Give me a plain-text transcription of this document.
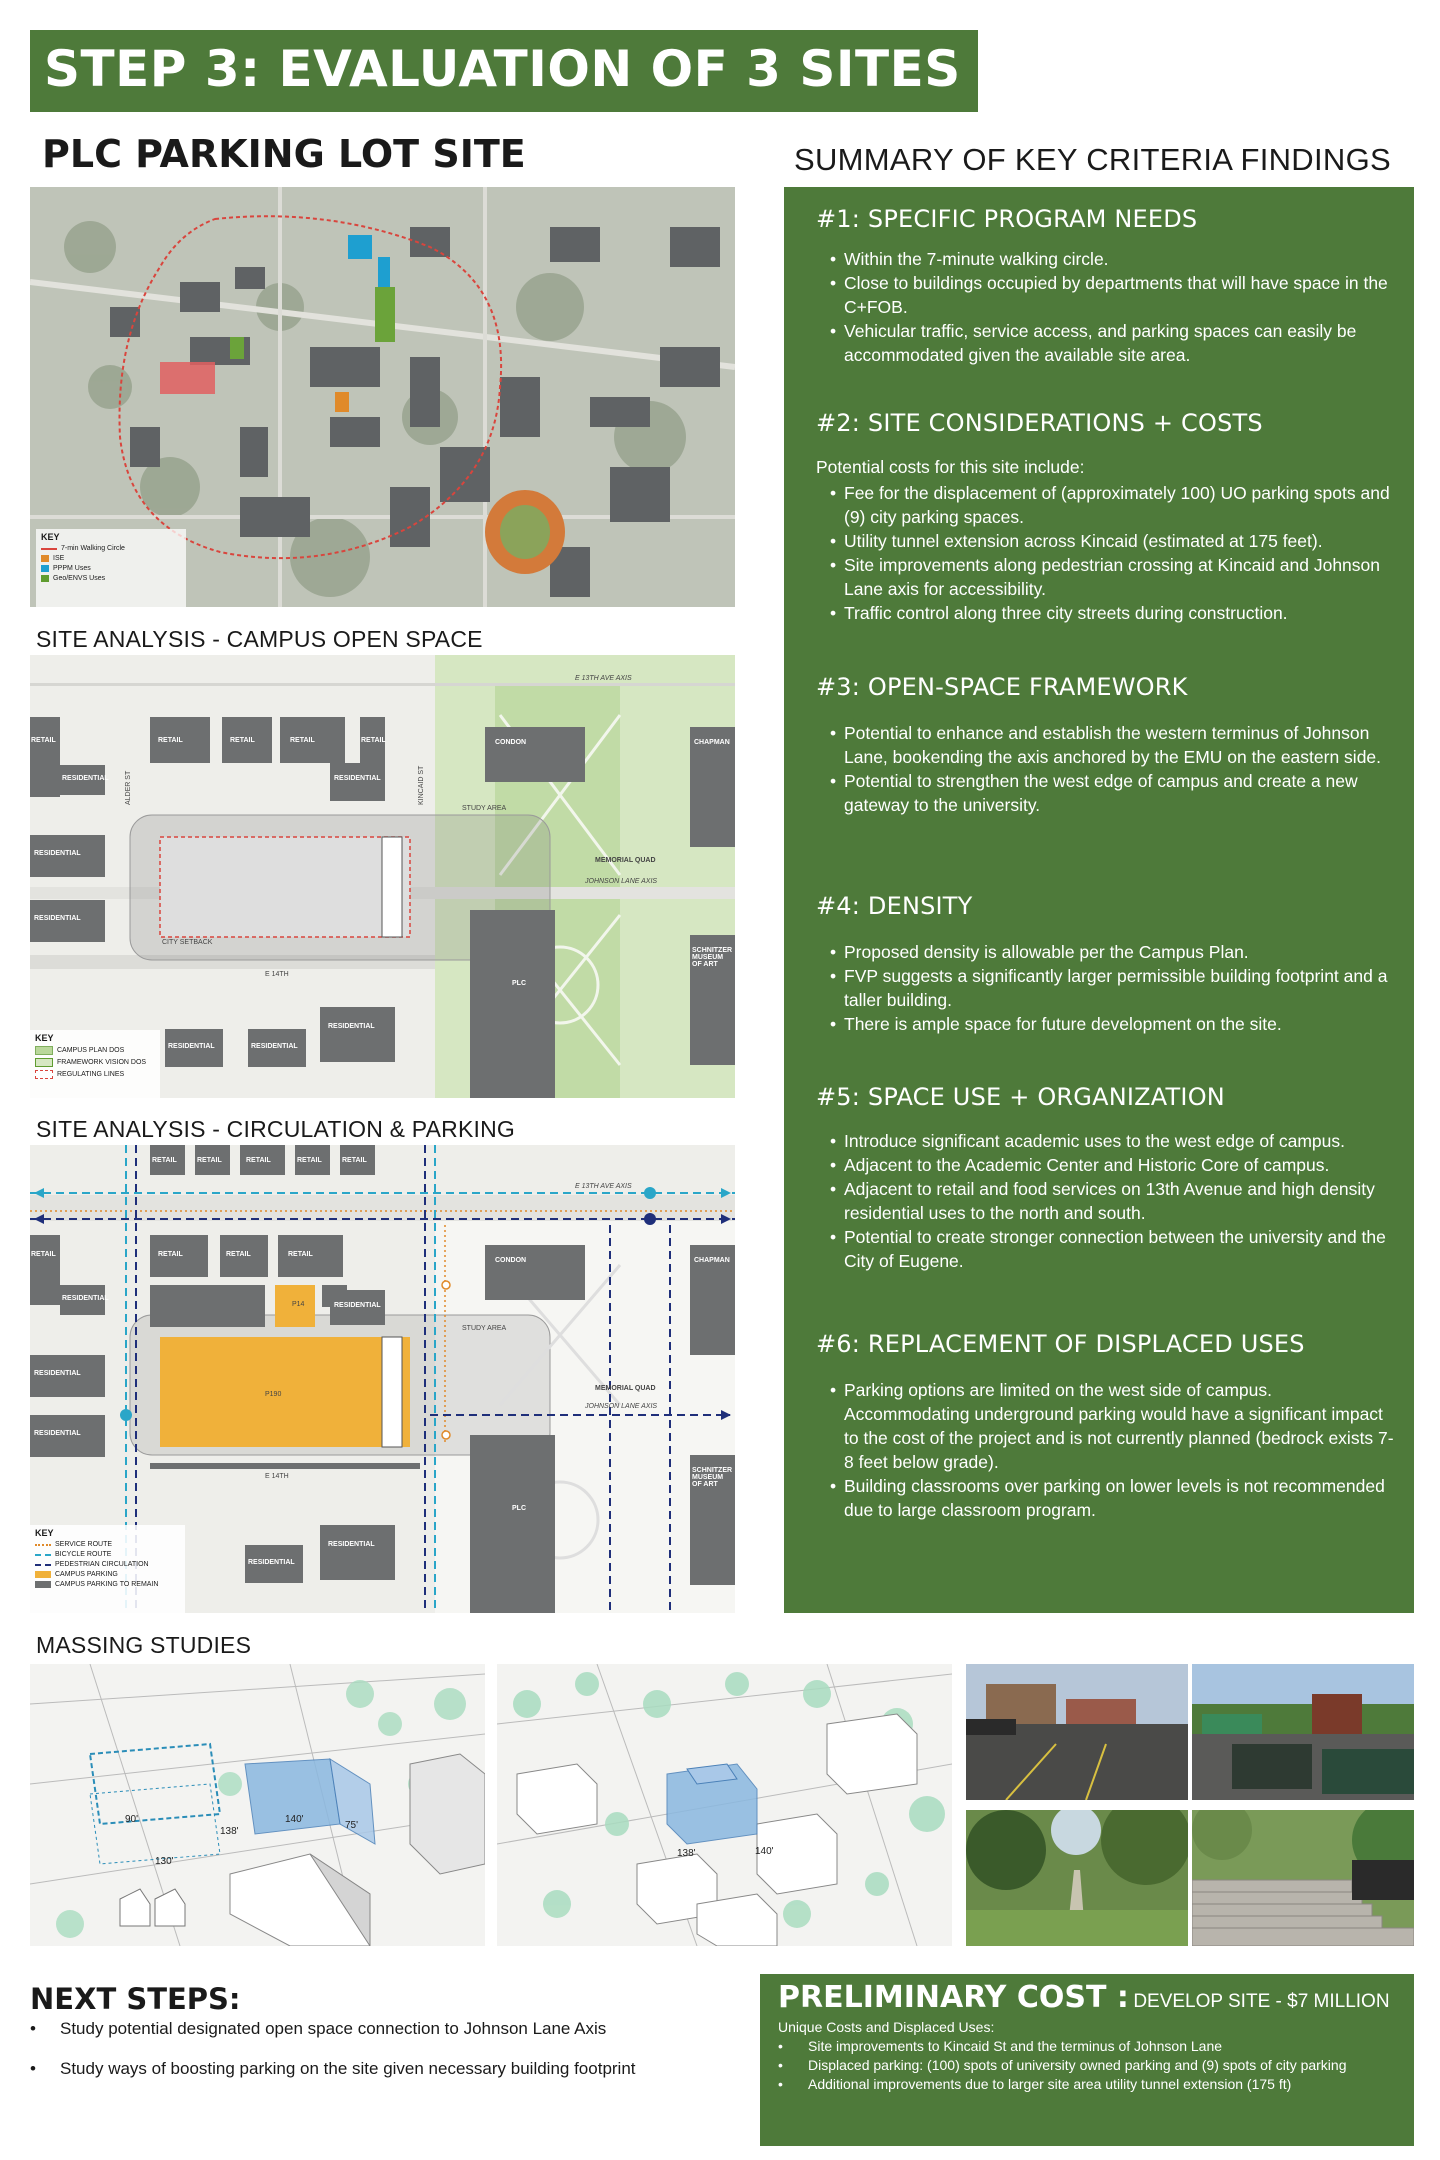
STEP 3: EVALUATION OF 3 SITES
PLC PARKING LOT SITE	SUMMARY OF KEY CRITERIA FINDINGS
KEY
7-min Walking Circle
ISE
PPPM Uses
Geo/ENVS Uses
SITE ANALYSIS - CAMPUS OPEN SPACE
RETAIL	RETAIL	RETAIL	RETAIL
RETAIL
RESIDENTIAL	RESIDENTIAL
RESIDENTIAL
RESIDENTIAL
RESIDENTIAL	RESIDENTIAL
RESIDENTIAL
CONDON	CHAPMAN
PLC
SCHNITZER MUSEUM OF ART
E 13TH AVE AXIS
E 14TH
STUDY AREA
MEMORIAL QUAD
JOHNSON LANE AXIS
CITY SETBACK
ALDER ST	KINCAID ST
KEY
CAMPUS PLAN DOS
FRAMEWORK VISION DOS
REGULATING LINES
SITE ANALYSIS - CIRCULATION & PARKING
RETAIL	RETAIL	RETAIL	RETAIL	RETAIL
RETAIL	RETAIL	RETAIL
RETAIL
RESIDENTIAL
RESIDENTIAL
RESIDENTIAL
RESIDENTIAL
RESIDENTIAL
RESIDENTIAL
CONDON	CHAPMAN
PLC
SCHNITZER MUSEUM OF ART
P14
P190
E 13TH AVE AXIS
E 14TH
STUDY AREA
MEMORIAL QUAD
JOHNSON LANE AXIS
KEY
SERVICE ROUTE
BICYCLE ROUTE
PEDESTRIAN CIRCULATION
CAMPUS PARKING
CAMPUS PARKING TO REMAIN
#1: SPECIFIC PROGRAM NEEDS
• Within the 7-minute walking circle.
• Close to buildings occupied by departments that will have space in the C+FOB.
• Vehicular traffic, service access, and parking spaces can easily be accommodated given the available site area.
#2: SITE CONSIDERATIONS + COSTS

Potential costs for this site include:

• Fee for the displacement of (approximately 100) UO parking spots and (9) city parking spaces.
• Utility tunnel extension across Kincaid (estimated at 175 feet).
• Site improvements along pedestrian crossing at Kincaid and Johnson Lane axis for accessibility.
• Traffic control along three city streets during construction.
#3: OPEN-SPACE FRAMEWORK
• Potential to enhance and establish the western terminus of Johnson Lane, bookending the axis anchored by the EMU on the eastern side.
• Potential to strengthen the west edge of campus and create a new gateway to the university.
#4: DENSITY
• Proposed density is allowable per the Campus Plan.
• FVP suggests a significantly larger permissible building footprint and a taller building.
• There is ample space for future development on the site.
#5: SPACE USE + ORGANIZATION
• Introduce significant academic uses to the west edge of campus.
• Adjacent to the Academic Center and Historic Core of campus.
• Adjacent to retail and food services on 13th Avenue and high density residential uses to the north and south.
• Potential to create stronger connection between the university and the City of Eugene.
#6: REPLACEMENT OF DISPLACED USES
• Parking options are limited on the west side of campus. Accommodating underground parking would have a significant impact to the cost of the project and is not currently planned (bedrock exists 7-8 feet below grade).
• Building classrooms over parking on lower levels is not recommended due to large classroom program.
MASSING STUDIES
90'
138'
140'
75'
130'
138'	140'
NEXT STEPS:
• Study potential designated open space connection to Johnson Lane Axis
• Study ways of boosting parking on the site given necessary building footprint
PRELIMINARY COST : DEVELOP SITE - $7 MILLION
Unique Costs and Displaced Uses:
• Site improvements to Kincaid St and the terminus of Johnson Lane
• Displaced parking: (100) spots of university owned parking and (9) spots of city parking
• Additional improvements due to larger site area utility tunnel extension (175 ft)
